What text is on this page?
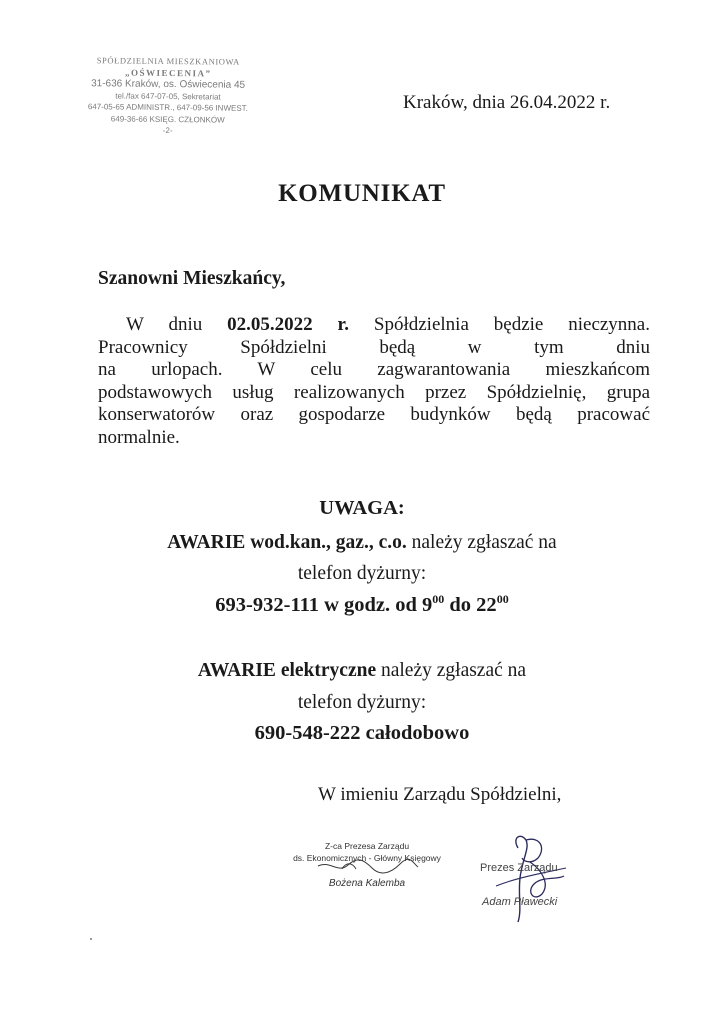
SPÓŁDZIELNIA MIESZKANIOWA
„OŚWIECENIA”
31-636 Kraków, os. Oświecenia 45
tel./fax 647-07-05, Sekretariat
647-05-65 ADMINISTR., 647-09-56 INWEST.
649-36-66 KSIĘG. CZŁONKÓW
-2-
Kraków, dnia 26.04.2022 r.
KOMUNIKAT
Szanowni Mieszkańcy,
W dniu 02.05.2022 r. Spółdzielnia będzie nieczynna.
Pracownicy Spółdzielni będą w tym dniu
na urlopach. W celu zagwarantowania mieszkańcom
podstawowych usług realizowanych przez Spółdzielnię, grupa
konserwatorów oraz gospodarze budynków będą pracować
normalnie.
UWAGA:
AWARIE wod.kan., gaz., c.o. należy zgłaszać na
telefon dyżurny:
693-932-111 w godz. od $9^{00}$ do $22^{00}$
AWARIE elektryczne należy zgłaszać na
telefon dyżurny:
690-548-222 całodobowo
W imieniu Zarządu Spółdzielni,
Z-ca Prezesa Zarządu
ds. Ekonomicznych - Główny Księgowy
Bożena Kalemba
Prezes Zarządu
Adam Pławecki
